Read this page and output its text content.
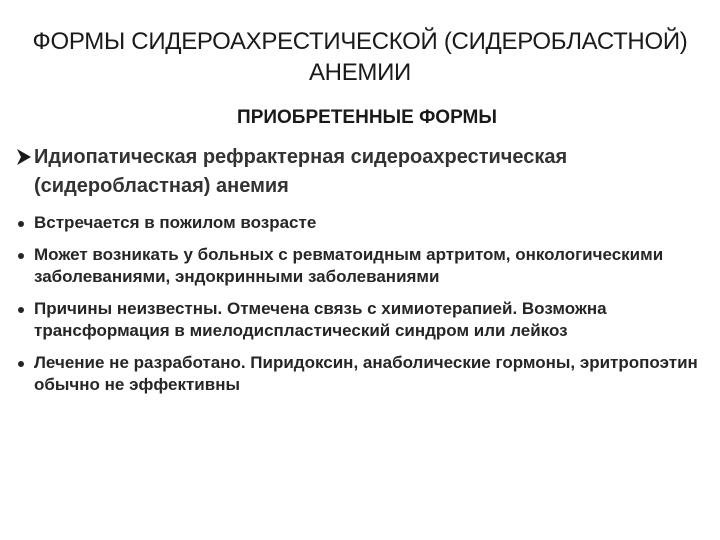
ФОРМЫ СИДЕРОАХРЕСТИЧЕСКОЙ (СИДЕРОБЛАСТНОЙ)
АНЕМИИ
ПРИОБРЕТЕННЫЕ ФОРМЫ
Идиопатическая рефрактерная сидероахрестическая (сидеробластная) анемия
Встречается в пожилом возрасте
Может возникать у больных с ревматоидным артритом, онкологическими заболеваниями, эндокринными заболеваниями
Причины неизвестны. Отмечена связь с химиотерапией. Возможна трансформация в миелодиспластический синдром или лейкоз
Лечение не разработано. Пиридоксин, анаболические гормоны, эритропоэтин обычно не эффективны
